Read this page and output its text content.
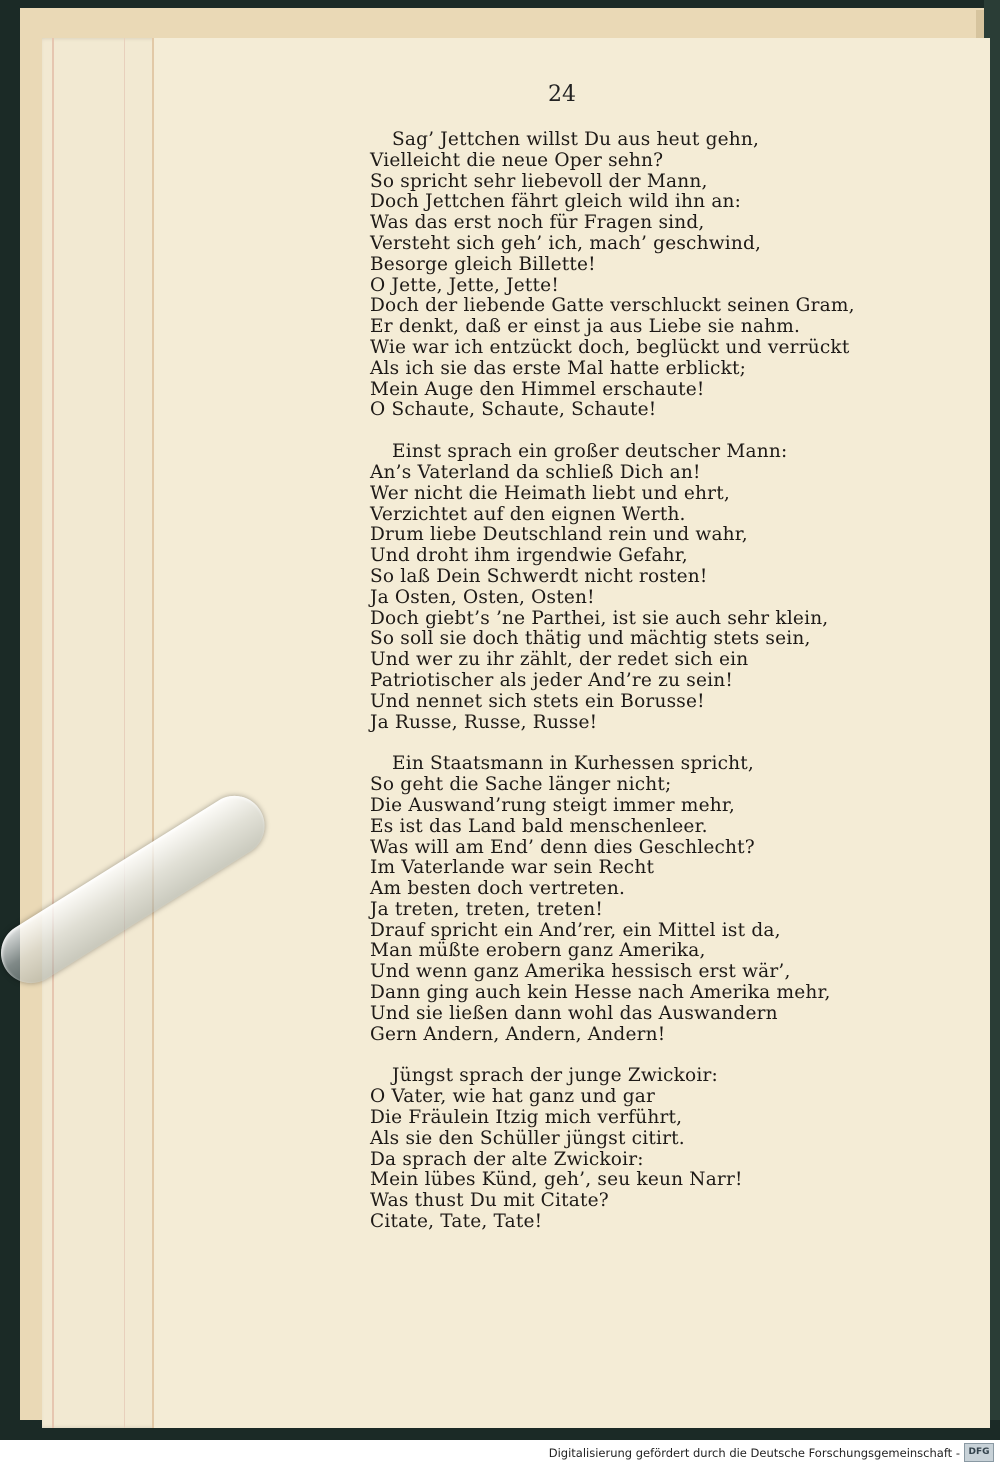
24
Sag’ Jettchen willst Du aus heut gehn,
Vielleicht die neue Oper sehn?
So spricht sehr liebevoll der Mann,
Doch Jettchen fährt gleich wild ihn an:
Was das erst noch für Fragen sind,
Versteht sich geh’ ich, mach’ geschwind,
Besorge gleich Billette!
O Jette, Jette, Jette!
Doch der liebende Gatte verschluckt seinen Gram,
Er denkt, daß er einst ja aus Liebe sie nahm.
Wie war ich entzückt doch, beglückt und verrückt
Als ich sie das erste Mal hatte erblickt;
Mein Auge den Himmel erschaute!
O Schaute, Schaute, Schaute!
Einst sprach ein großer deutscher Mann:
An’s Vaterland da schließ Dich an!
Wer nicht die Heimath liebt und ehrt,
Verzichtet auf den eignen Werth.
Drum liebe Deutschland rein und wahr,
Und droht ihm irgendwie Gefahr,
So laß Dein Schwerdt nicht rosten!
Ja Osten, Osten, Osten!
Doch giebt’s ’ne Parthei, ist sie auch sehr klein,
So soll sie doch thätig und mächtig stets sein,
Und wer zu ihr zählt, der redet sich ein
Patriotischer als jeder And’re zu sein!
Und nennet sich stets ein Borusse!
Ja Russe, Russe, Russe!
Ein Staatsmann in Kurhessen spricht,
So geht die Sache länger nicht;
Die Auswand’rung steigt immer mehr,
Es ist das Land bald menschenleer.
Was will am End’ denn dies Geschlecht?
Im Vaterlande war sein Recht
Am besten doch vertreten.
Ja treten, treten, treten!
Drauf spricht ein And’rer, ein Mittel ist da,
Man müßte erobern ganz Amerika,
Und wenn ganz Amerika hessisch erst wär’,
Dann ging auch kein Hesse nach Amerika mehr,
Und sie ließen dann wohl das Auswandern
Gern Andern, Andern, Andern!
Jüngst sprach der junge Zwickoir:
O Vater, wie hat ganz und gar
Die Fräulein Itzig mich verführt,
Als sie den Schüller jüngst citirt.
Da sprach der alte Zwickoir:
Mein lübes Künd, geh’, seu keun Narr!
Was thust Du mit Citate?
Citate, Tate, Tate!
Digitalisierung gefördert durch die Deutsche Forschungsgemeinschaft - DFG
